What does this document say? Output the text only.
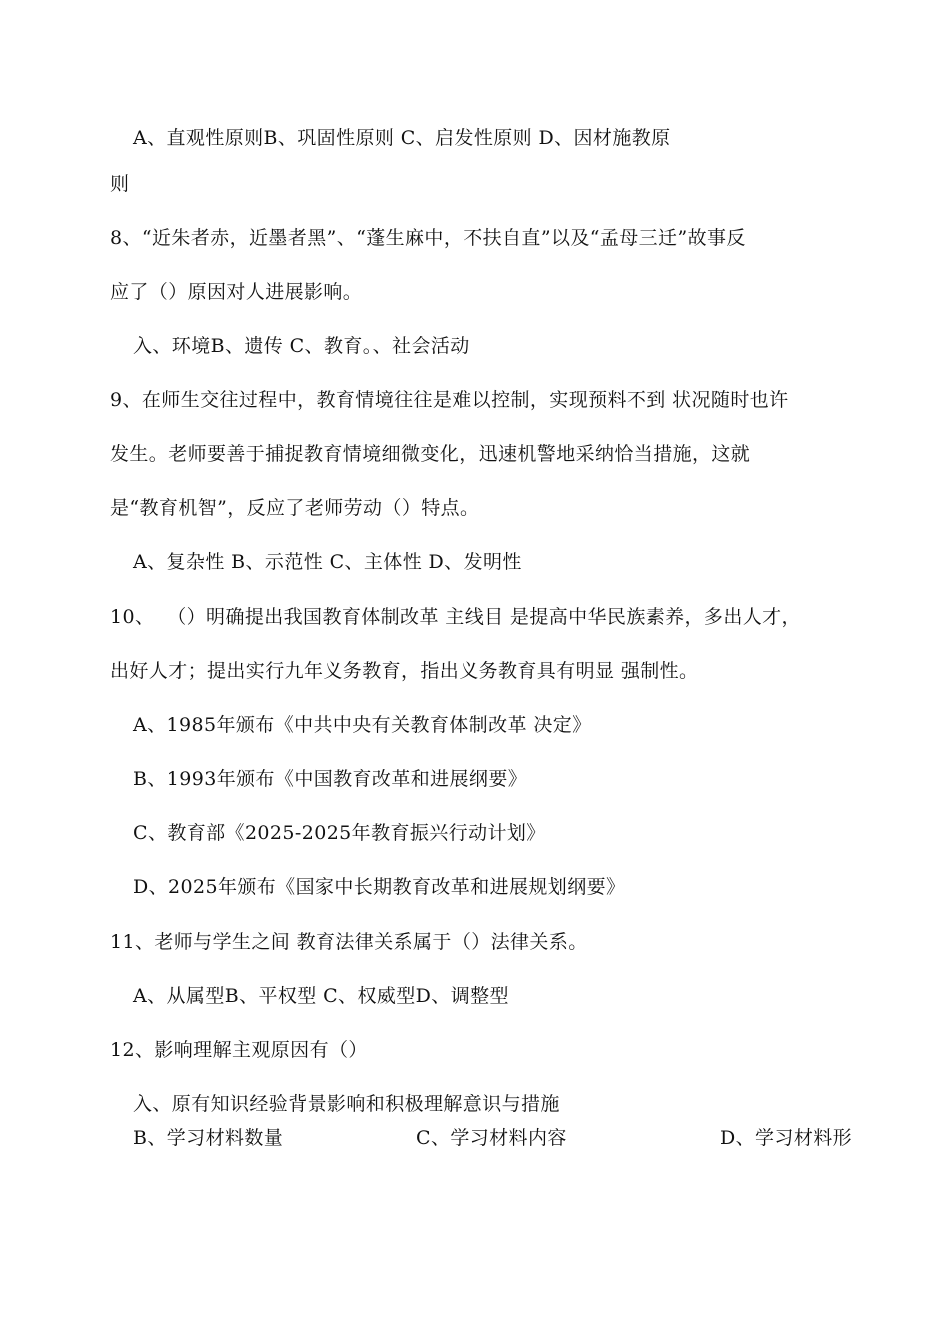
A、直观性原则B、巩固性原则 C、启发性原则 D、因材施教原
则
8、“近朱者赤，近墨者黑”、“蓬生麻中，不扶自直”以及“孟母三迁”故事反
应了（）原因对人进展影响。
入、环境B、遗传 C、教育。、社会活动
9、在师生交往过程中，教育情境往往是难以控制，实现预料不到 状况随时也许
发生。老师要善于捕捉教育情境细微变化，迅速机警地采纳恰当措施，这就
是“教育机智”，反应了老师劳动（）特点。
A、复杂性 B、示范性 C、主体性 D、发明性
10、  （）明确提出我国教育体制改革 主线目 是提高中华民族素养，多出人才，
出好人才；提出实行九年义务教育，指出义务教育具有明显 强制性。
A、1985年颁布《中共中央有关教育体制改革 决定》
B、1993年颁布《中国教育改革和进展纲要》
C、教育部《2025-2025年教育振兴行动计划》
D、2025年颁布《国家中长期教育改革和进展规划纲要》
11、老师与学生之间 教育法律关系属于（）法律关系。
A、从属型B、平权型 C、权威型D、调整型
12、影响理解主观原因有（）
入、原有知识经验背景影响和积极理解意识与措施
B、学习材料数量	C、学习材料内容	D、学习材料形
